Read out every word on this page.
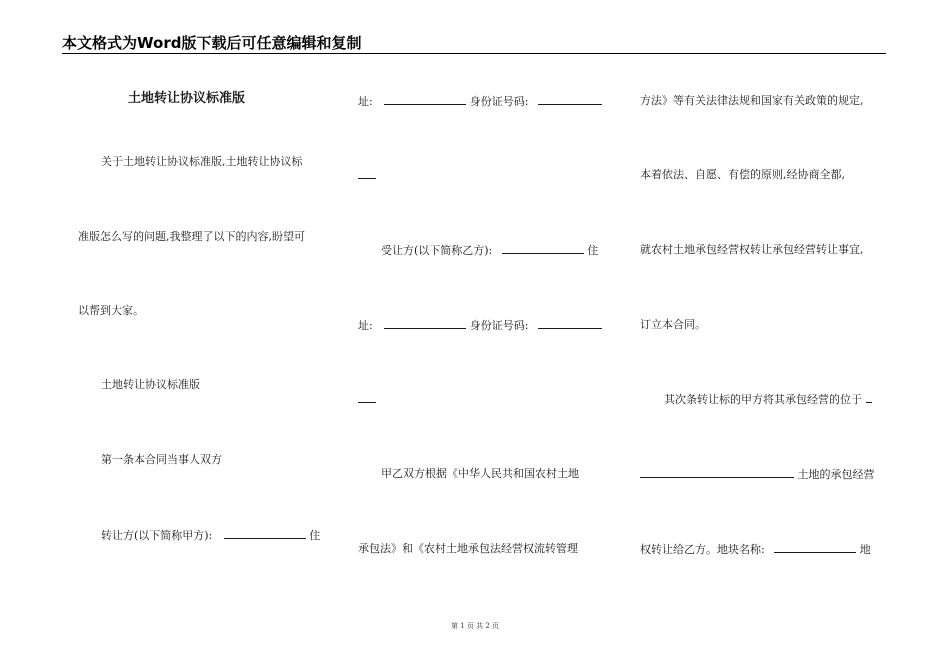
本文格式为Word版下载后可任意编辑和复制
土地转让协议标准版
关于土地转让协议标准版,土地转让协议标
准版怎么写的问题,我整理了以下的内容,盼望可
以帮到大家。
土地转让协议标准版
第一条本合同当事人双方
转让方(以下简称甲方):	住
址:	身份证号码:
受让方(以下简称乙方):	住
址:	身份证号码:
甲乙双方根据《中华人民共和国农村土地
承包法》和《农村土地承包法经营权流转管理
方法》等有关法律法规和国家有关政策的规定,
本着依法、自愿、有偿的原则,经协商全都,
就农村土地承包经营权转让承包经营转让事宜,
订立本合同。
其次条转让标的甲方将其承包经营的位于
土地的承包经营
权转让给乙方。地块名称:	地
第 1 页 共 2 页
